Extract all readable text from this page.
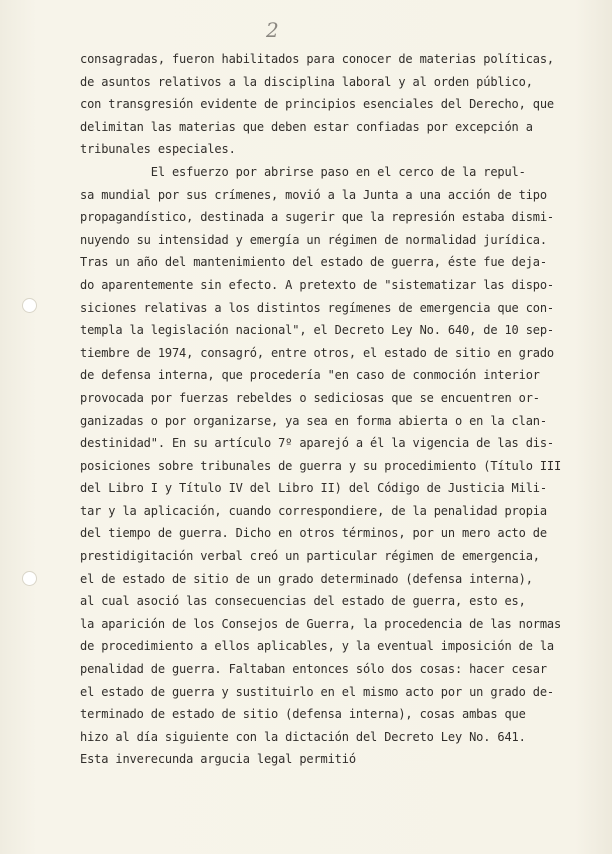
2
consagradas, fueron habilitados para conocer de materias políticas,
de asuntos relativos a la disciplina laboral y al orden público,
con transgresión evidente de principios esenciales del Derecho, que
delimitan las materias que deben estar confiadas por excepción a
tribunales especiales.
El esfuerzo por abrirse paso en el cerco de la repul-
sa mundial por sus crímenes, movió a la Junta a una acción de tipo
propagandístico, destinada a sugerir que la represión estaba dismi-
nuyendo su intensidad y emergía un régimen de normalidad jurídica.
Tras un año del mantenimiento del estado de guerra, éste fue deja-
do aparentemente sin efecto. A pretexto de "sistematizar las dispo-
siciones relativas a los distintos regímenes de emergencia que con-
templa la legislación nacional", el Decreto Ley No. 640, de 10 sep-
tiembre de 1974, consagró, entre otros, el estado de sitio en grado
de defensa interna, que procedería "en caso de conmoción interior
provocada por fuerzas rebeldes o sediciosas que se encuentren or-
ganizadas o por organizarse, ya sea en forma abierta o en la clan-
destinidad". En su artículo 7º aparejó a él la vigencia de las dis-
posiciones sobre tribunales de guerra y su procedimiento (Título III
del Libro I y Título IV del Libro II) del Código de Justicia Mili-
tar y la aplicación, cuando correspondiere, de la penalidad propia
del tiempo de guerra. Dicho en otros términos, por un mero acto de
prestidigitación verbal creó un particular régimen de emergencia,
el de estado de sitio de un grado determinado (defensa interna),
al cual asoció las consecuencias del estado de guerra, esto es,
la aparición de los Consejos de Guerra, la procedencia de las normas
de procedimiento a ellos aplicables, y la eventual imposición de la
penalidad de guerra. Faltaban entonces sólo dos cosas: hacer cesar
el estado de guerra y sustituirlo en el mismo acto por un grado de-
terminado de estado de sitio (defensa interna), cosas ambas que
hizo al día siguiente con la dictación del Decreto Ley No. 641.
Esta inverecunda argucia legal permitió
